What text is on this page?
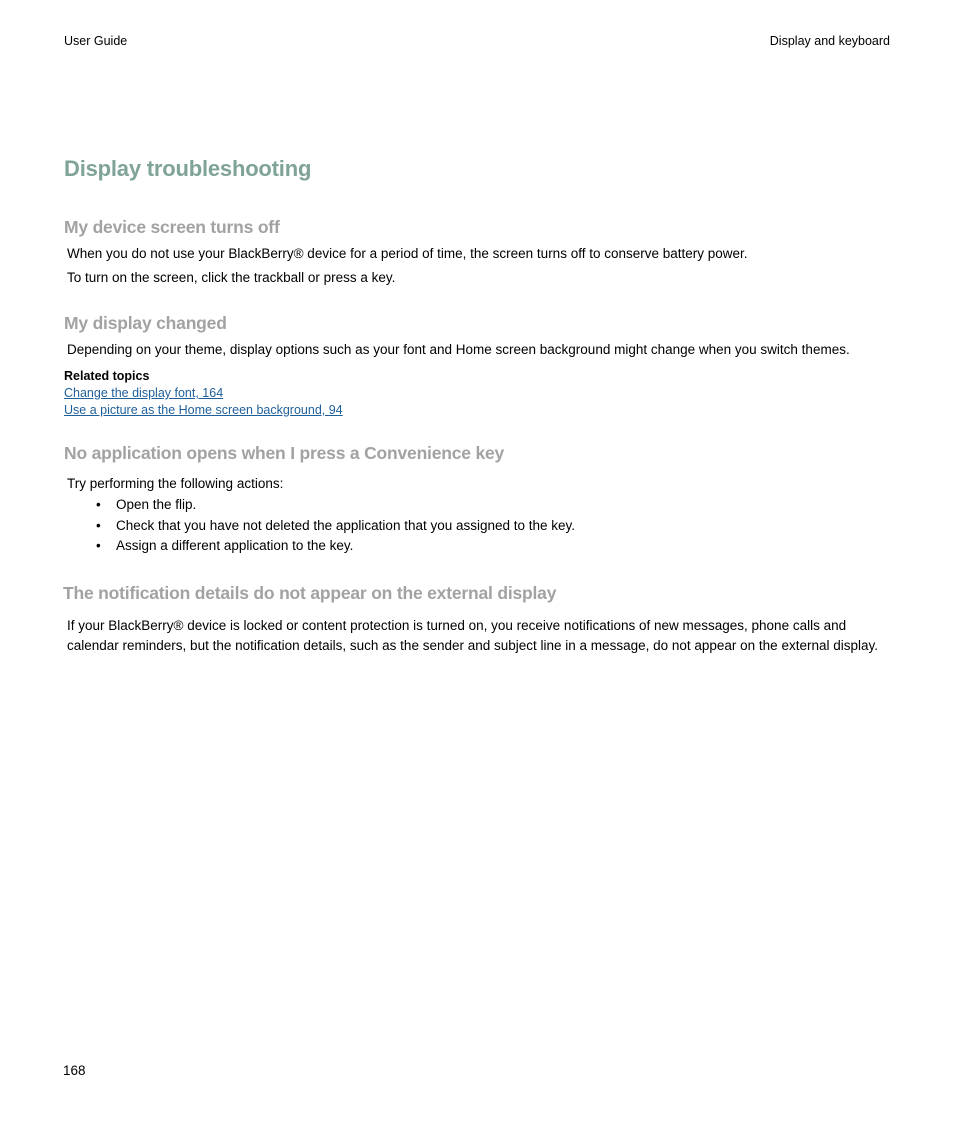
User Guide	Display and keyboard
Display troubleshooting
My device screen turns off
When you do not use your BlackBerry® device for a period of time, the screen turns off to conserve battery power.
To turn on the screen, click the trackball or press a key.
My display changed
Depending on your theme, display options such as your font and Home screen background might change when you switch themes.
Related topics
Change the display font, 164
Use a picture as the Home screen background, 94
No application opens when I press a Convenience key
Try performing the following actions:
• Open the flip.
• Check that you have not deleted the application that you assigned to the key.
• Assign a different application to the key.
The notification details do not appear on the external display
If your BlackBerry® device is locked or content protection is turned on, you receive notifications of new messages, phone calls and calendar reminders, but the notification details, such as the sender and subject line in a message, do not appear on the external display.
168
